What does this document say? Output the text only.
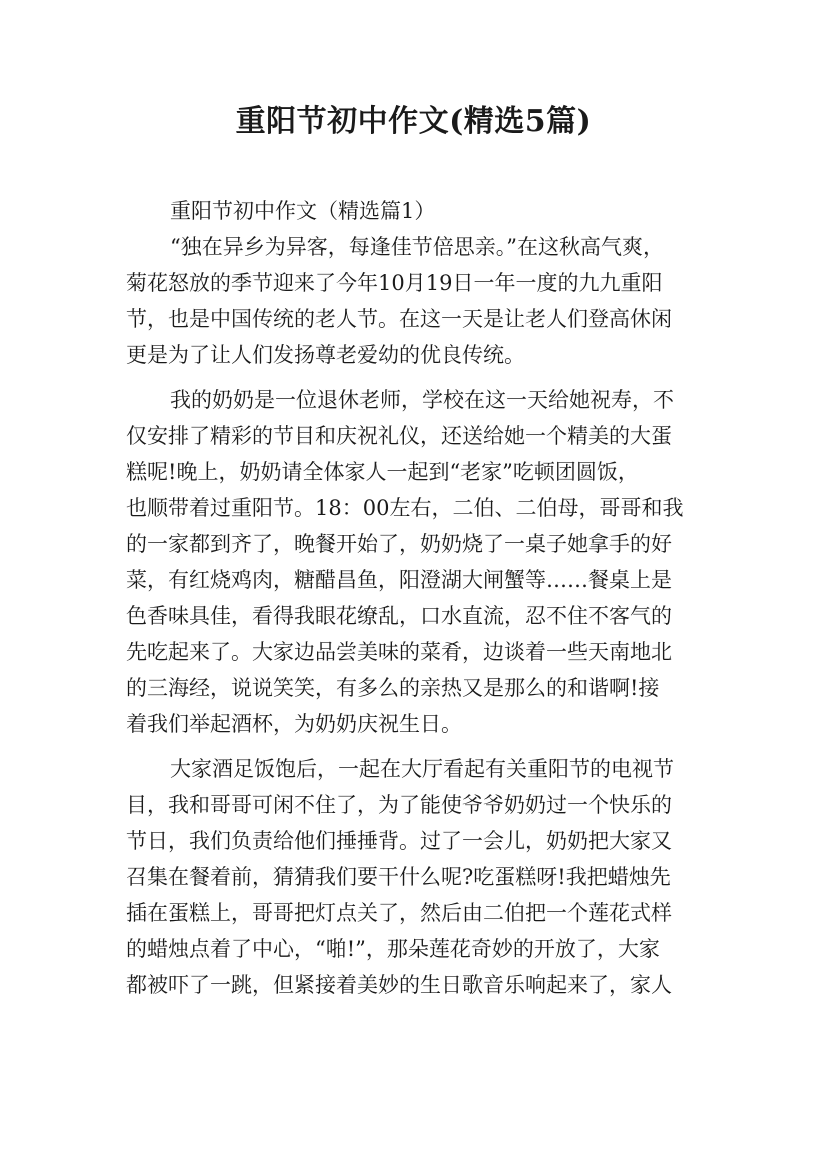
重阳节初中作文(精选5篇)
重阳节初中作文（精选篇1）
“独在异乡为异客，每逢佳节倍思亲。”在这秋高气爽，
菊花怒放的季节迎来了今年10月19日一年一度的九九重阳
节，也是中国传统的老人节。在这一天是让老人们登高休闲
更是为了让人们发扬尊老爱幼的优良传统。
我的奶奶是一位退休老师，学校在这一天给她祝寿，不
仅安排了精彩的节目和庆祝礼仪，还送给她一个精美的大蛋
糕呢!晚上，奶奶请全体家人一起到“老家”吃顿团圆饭，
也顺带着过重阳节。18：00左右，二伯、二伯母，哥哥和我
的一家都到齐了，晚餐开始了，奶奶烧了一桌子她拿手的好
菜，有红烧鸡肉，糖醋昌鱼，阳澄湖大闸蟹等……餐桌上是
色香味具佳，看得我眼花缭乱，口水直流，忍不住不客气的
先吃起来了。大家边品尝美味的菜肴，边谈着一些天南地北
的三海经，说说笑笑，有多么的亲热又是那么的和谐啊!接
着我们举起酒杯，为奶奶庆祝生日。
大家酒足饭饱后，一起在大厅看起有关重阳节的电视节
目，我和哥哥可闲不住了，为了能使爷爷奶奶过一个快乐的
节日，我们负责给他们捶捶背。过了一会儿，奶奶把大家又
召集在餐着前，猜猜我们要干什么呢?吃蛋糕呀!我把蜡烛先
插在蛋糕上，哥哥把灯点关了，然后由二伯把一个莲花式样
的蜡烛点着了中心，“啪!”，那朵莲花奇妙的开放了，大家
都被吓了一跳，但紧接着美妙的生日歌音乐响起来了，家人
